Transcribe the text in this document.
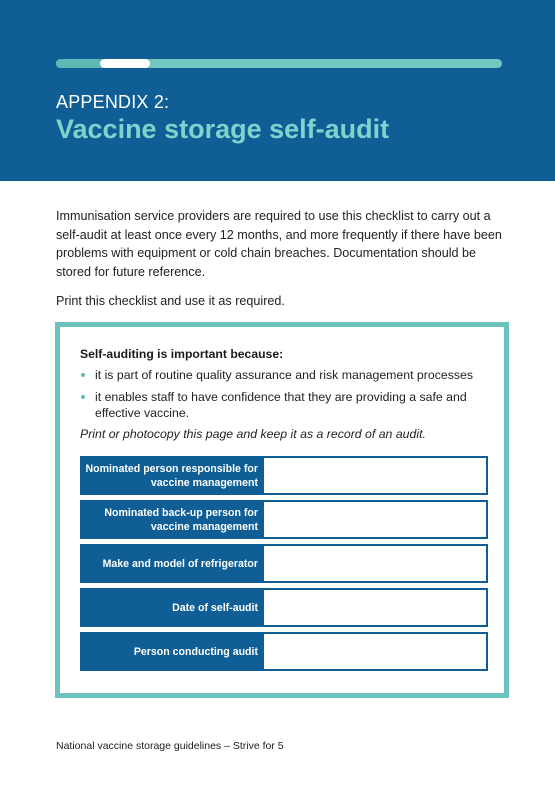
APPENDIX 2:
Vaccine storage self-audit
Immunisation service providers are required to use this checklist to carry out a self-audit at least once every 12 months, and more frequently if there have been problems with equipment or cold chain breaches. Documentation should be stored for future reference.
Print this checklist and use it as required.
Self-auditing is important because:
it is part of routine quality assurance and risk management processes
it enables staff to have confidence that they are providing a safe and effective vaccine.
Print or photocopy this page and keep it as a record of an audit.
Nominated person responsible for vaccine management
Nominated back-up person for vaccine management
Make and model of refrigerator
Date of self-audit
Person conducting audit
National vaccine storage guidelines – Strive for 5
